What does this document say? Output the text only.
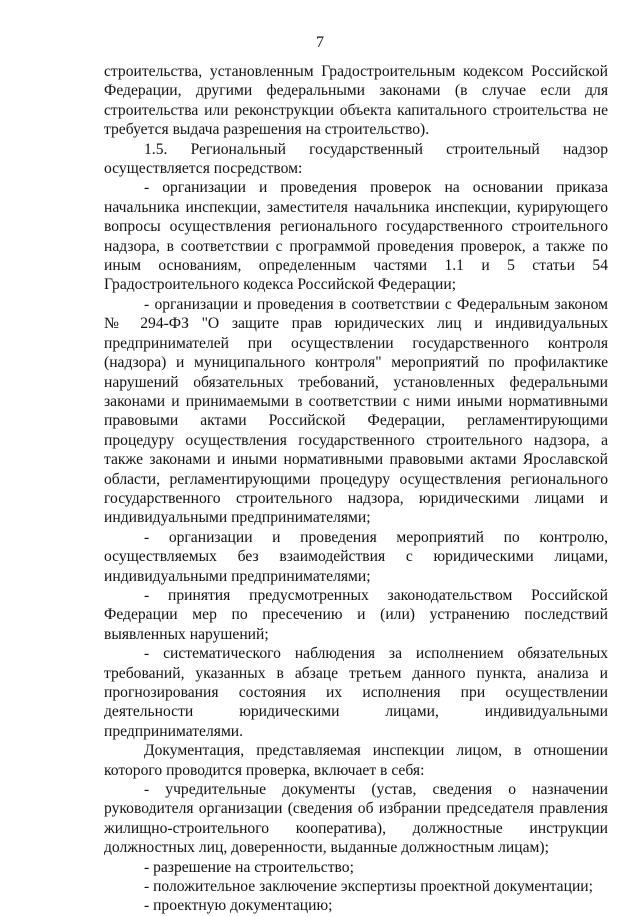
7

строительства, установленным Градостроительным кодексом Российской Федерации, другими федеральными законами (в случае если для строительства или реконструкции объекта капитального строительства не требуется выдача разрешения на строительство).

1.5. Региональный государственный строительный надзор осуществляется посредством:

- организации и проведения проверок на основании приказа начальника инспекции, заместителя начальника инспекции, курирующего вопросы осуществления регионального государственного строительного надзора, в соответствии с программой проведения проверок, а также по иным основаниям, определенным частями 1.1 и 5 статьи 54 Градостроительного кодекса Российской Федерации;

- организации и проведения в соответствии с Федеральным законом № 294-ФЗ "О защите прав юридических лиц и индивидуальных предпринимателей при осуществлении государственного контроля (надзора) и муниципального контроля" мероприятий по профилактике нарушений обязательных требований, установленных федеральными законами и принимаемыми в соответствии с ними иными нормативными правовыми актами Российской Федерации, регламентирующими процедуру осуществления государственного строительного надзора, а также законами и иными нормативными правовыми актами Ярославской области, регламентирующими процедуру осуществления регионального государственного строительного надзора, юридическими лицами и индивидуальными предпринимателями;

- организации и проведения мероприятий по контролю, осуществляемых без взаимодействия с юридическими лицами, индивидуальными предпринимателями;

- принятия предусмотренных законодательством Российской Федерации мер по пресечению и (или) устранению последствий выявленных нарушений;

- систематического наблюдения за исполнением обязательных требований, указанных в абзаце третьем данного пункта, анализа и прогнозирования состояния их исполнения при осуществлении деятельности юридическими лицами, индивидуальными предпринимателями.

Документация, представляемая инспекции лицом, в отношении которого проводится проверка, включает в себя:

- учредительные документы (устав, сведения о назначении руководителя организации (сведения об избрании председателя правления жилищно-строительного кооператива), должностные инструкции должностных лиц, доверенности, выданные должностным лицам);

- разрешение на строительство;

- положительное заключение экспертизы проектной документации;

- проектную документацию;
